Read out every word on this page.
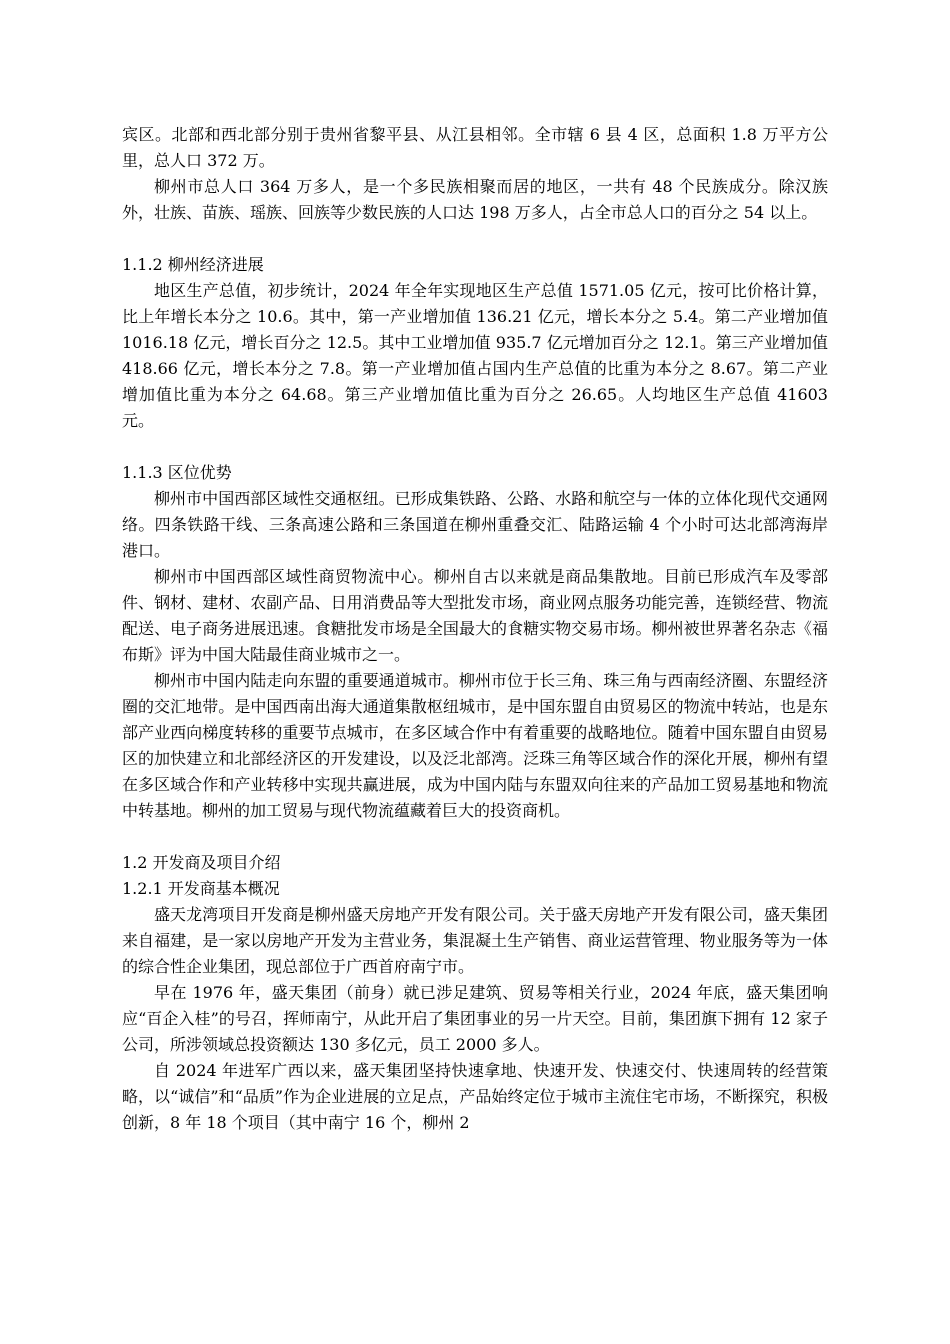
宾区。北部和西北部分别于贵州省黎平县、从江县相邻。全市辖 6 县 4 区，总面积 1.8 万平方公里，总人口 372 万。

柳州市总人口 364 万多人，是一个多民族相聚而居的地区，一共有 48 个民族成分。除汉族外，壮族、苗族、瑶族、回族等少数民族的人口达 198 万多人，占全市总人口的百分之 54 以上。

1.1.2 柳州经济进展

地区生产总值，初步统计，2024 年全年实现地区生产总值 1571.05 亿元，按可比价格计算，比上年增长本分之 10.6。其中，第一产业增加值 136.21 亿元，增长本分之 5.4。第二产业增加值 1016.18 亿元，增长百分之 12.5。其中工业增加值 935.7 亿元增加百分之 12.1。第三产业增加值 418.66 亿元，增长本分之 7.8。第一产业增加值占国内生产总值的比重为本分之 8.67。第二产业增加值比重为本分之 64.68。第三产业增加值比重为百分之 26.65。人均地区生产总值 41603 元。

1.1.3 区位优势

柳州市中国西部区域性交通枢纽。已形成集铁路、公路、水路和航空与一体的立体化现代交通网络。四条铁路干线、三条高速公路和三条国道在柳州重叠交汇、陆路运输 4 个小时可达北部湾海岸港口。

柳州市中国西部区域性商贸物流中心。柳州自古以来就是商品集散地。目前已形成汽车及零部件、钢材、建材、农副产品、日用消费品等大型批发市场，商业网点服务功能完善，连锁经营、物流配送、电子商务进展迅速。食糖批发市场是全国最大的食糖实物交易市场。柳州被世界著名杂志《福布斯》评为中国大陆最佳商业城市之一。

柳州市中国内陆走向东盟的重要通道城市。柳州市位于长三角、珠三角与西南经济圈、东盟经济圈的交汇地带。是中国西南出海大通道集散枢纽城市，是中国东盟自由贸易区的物流中转站，也是东部产业西向梯度转移的重要节点城市，在多区域合作中有着重要的战略地位。随着中国东盟自由贸易区的加快建立和北部经济区的开发建设，以及泛北部湾。泛珠三角等区域合作的深化开展，柳州有望在多区域合作和产业转移中实现共赢进展，成为中国内陆与东盟双向往来的产品加工贸易基地和物流中转基地。柳州的加工贸易与现代物流蕴藏着巨大的投资商机。

1.2 开发商及项目介绍

1.2.1 开发商基本概况

盛天龙湾项目开发商是柳州盛天房地产开发有限公司。关于盛天房地产开发有限公司，盛天集团来自福建，是一家以房地产开发为主营业务，集混凝土生产销售、商业运营管理、物业服务等为一体的综合性企业集团，现总部位于广西首府南宁市。

早在 1976 年，盛天集团（前身）就已涉足建筑、贸易等相关行业，2024 年底，盛天集团响应“百企入桂”的号召，挥师南宁，从此开启了集团事业的另一片天空。目前，集团旗下拥有 12 家子公司，所涉领域总投资额达 130 多亿元，员工 2000 多人。

自 2024 年进军广西以来，盛天集团坚持快速拿地、快速开发、快速交付、快速周转的经营策略，以“诚信”和“品质”作为企业进展的立足点，产品始终定位于城市主流住宅市场，不断探究，积极创新，8 年 18 个项目（其中南宁 16 个，柳州 2
